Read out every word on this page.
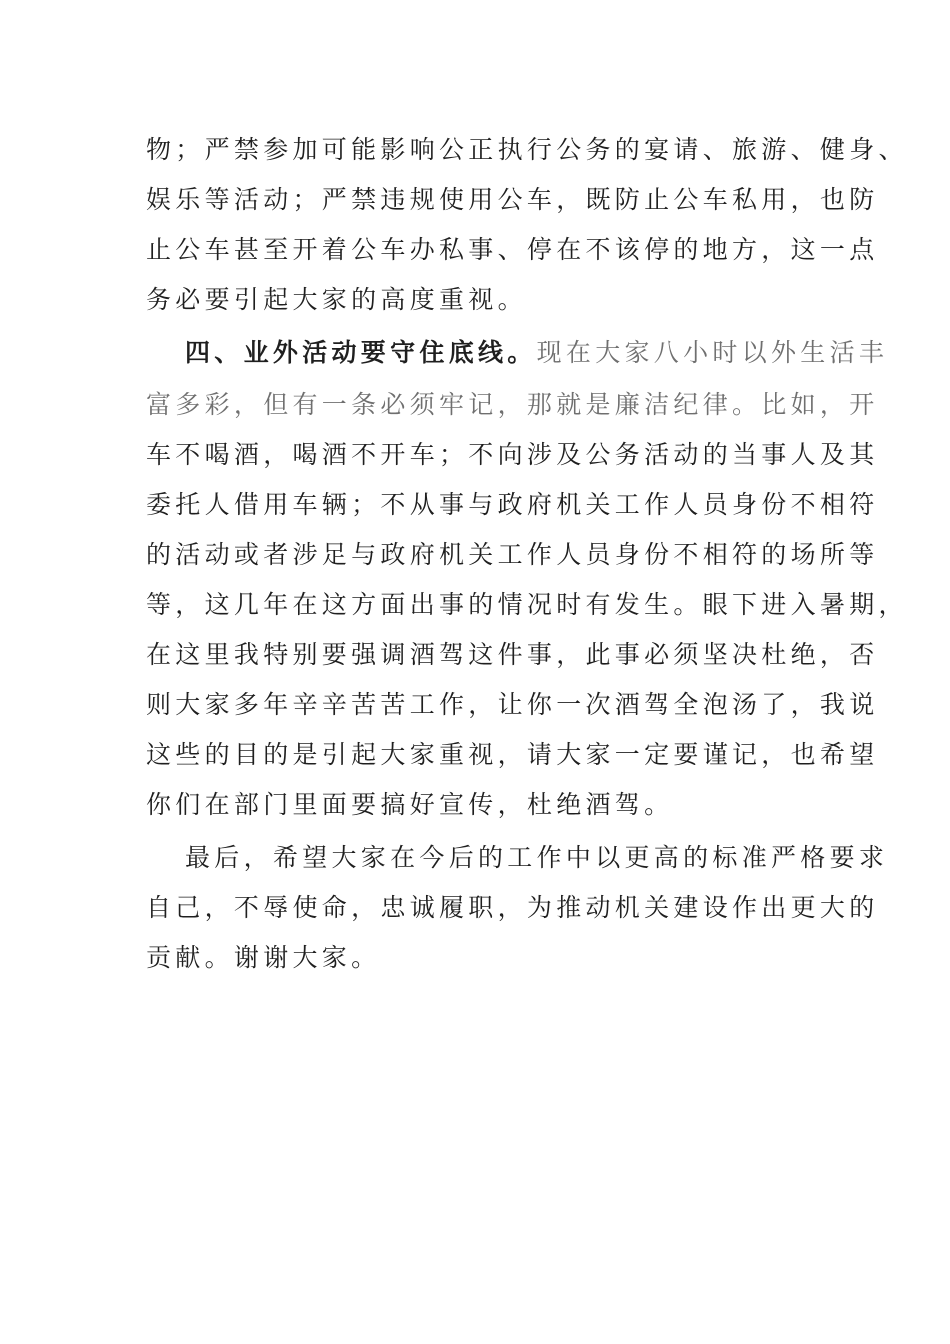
物；严禁参加可能影响公正执行公务的宴请、旅游、健身、
娱乐等活动；严禁违规使用公车，既防止公车私用，也防
止公车甚至开着公车办私事、停在不该停的地方，这一点
务必要引起大家的高度重视。
四、业外活动要守住底线。现在大家八小时以外生活丰
富多彩，但有一条必须牢记，那就是廉洁纪律。比如，开
车不喝酒，喝酒不开车；不向涉及公务活动的当事人及其
委托人借用车辆；不从事与政府机关工作人员身份不相符
的活动或者涉足与政府机关工作人员身份不相符的场所等
等，这几年在这方面出事的情况时有发生。眼下进入暑期，
在这里我特别要强调酒驾这件事，此事必须坚决杜绝，否
则大家多年辛辛苦苦工作，让你一次酒驾全泡汤了，我说
这些的目的是引起大家重视，请大家一定要谨记，也希望
你们在部门里面要搞好宣传，杜绝酒驾。
最后，希望大家在今后的工作中以更高的标准严格要求
自己，不辱使命，忠诚履职，为推动机关建设作出更大的
贡献。谢谢大家。
